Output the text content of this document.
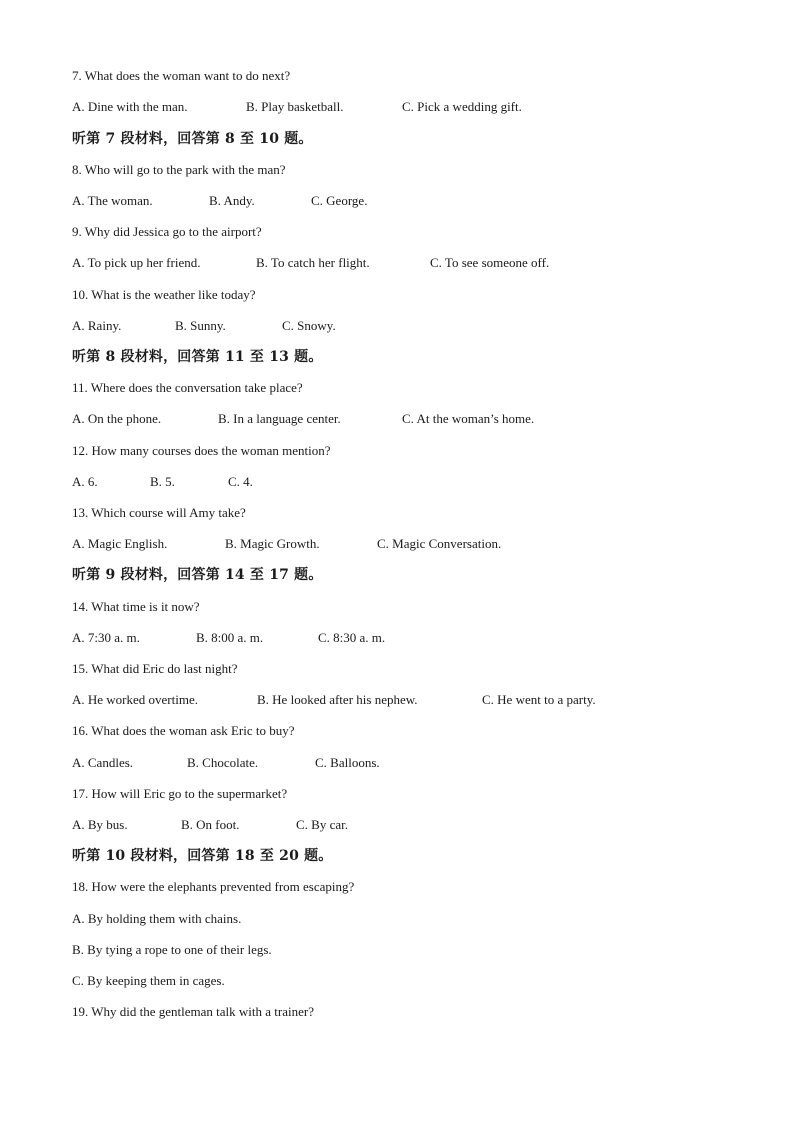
7. What does the woman want to do next?
A. Dine with the man.	B. Play basketball.	C. Pick a wedding gift.
听第 7 段材料，回答第 8 至 10 题。
8. Who will go to the park with the man?
A. The woman.	B. Andy.	C. George.
9. Why did Jessica go to the airport?
A. To pick up her friend.	B. To catch her flight.	C. To see someone off.
10. What is the weather like today?
A. Rainy.	B. Sunny.	C. Snowy.
听第 8 段材料，回答第 11 至 13 题。
11. Where does the conversation take place?
A. On the phone.	B. In a language center.	C. At the woman’s home.
12. How many courses does the woman mention?
A. 6.	B. 5.	C. 4.
13. Which course will Amy take?
A. Magic English.	B. Magic Growth.	C. Magic Conversation.
听第 9 段材料，回答第 14 至 17 题。
14. What time is it now?
A. 7:30 a. m.	B. 8:00 a. m.	C. 8:30 a. m.
15. What did Eric do last night?
A. He worked overtime.	B. He looked after his nephew.	C. He went to a party.
16. What does the woman ask Eric to buy?
A. Candles.	B. Chocolate.	C. Balloons.
17. How will Eric go to the supermarket?
A. By bus.	B. On foot.	C. By car.
听第 10 段材料，回答第 18 至 20 题。
18. How were the elephants prevented from escaping?
A. By holding them with chains.
B. By tying a rope to one of their legs.
C. By keeping them in cages.
19. Why did the gentleman talk with a trainer?
